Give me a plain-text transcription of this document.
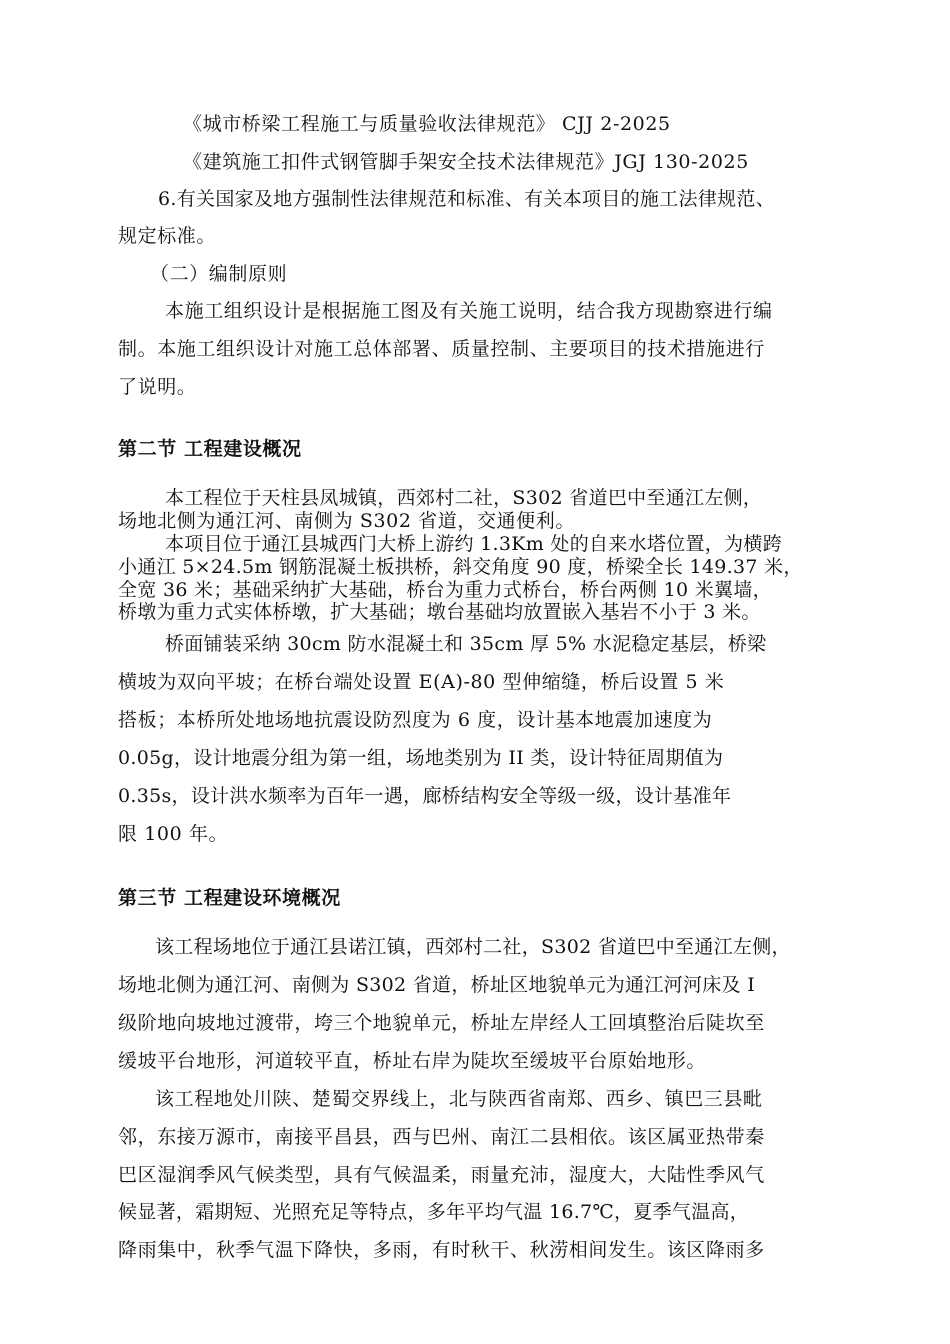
《城市桥梁工程施工与质量验收法律规范》 CJJ 2-2025

《建筑施工扣件式钢管脚手架安全技术法律规范》JGJ 130-2025

6.有关国家及地方强制性法律规范和标准、有关本项目的施工法律规范、

规定标准。

（二）编制原则

本施工组织设计是根据施工图及有关施工说明，结合我方现勘察进行编

制。本施工组织设计对施工总体部署、质量控制、主要项目的技术措施进行

了说明。

第二节 工程建设概况

本工程位于天柱县凤城镇，西郊村二社，S302 省道巴中至通江左侧，

场地北侧为通江河、南侧为 S302 省道，交通便利。

本项目位于通江县城西门大桥上游约 1.3Km 处的自来水塔位置，为横跨

小通江 5×24.5m 钢筋混凝土板拱桥，斜交角度 90 度，桥梁全长 149.37 米，

全宽 36 米；基础采纳扩大基础，桥台为重力式桥台，桥台两侧 10 米翼墙，

桥墩为重力式实体桥墩，扩大基础；墩台基础均放置嵌入基岩不小于 3 米。

桥面铺装采纳 30cm 防水混凝土和 35cm 厚 5% 水泥稳定基层，桥梁

横坡为双向平坡；在桥台端处设置 E(A)-80 型伸缩缝，桥后设置 5 米

搭板；本桥所处地场地抗震设防烈度为 6 度，设计基本地震加速度为

0.05g，设计地震分组为第一组，场地类别为 II 类，设计特征周期值为

0.35s，设计洪水频率为百年一遇，廊桥结构安全等级一级，设计基准年

限 100 年。

第三节 工程建设环境概况

该工程场地位于通江县诺江镇，西郊村二社，S302 省道巴中至通江左侧，

场地北侧为通江河、南侧为 S302 省道，桥址区地貌单元为通江河河床及 I

级阶地向坡地过渡带，垮三个地貌单元，桥址左岸经人工回填整治后陡坎至

缓坡平台地形，河道较平直，桥址右岸为陡坎至缓坡平台原始地形。

该工程地处川陕、楚蜀交界线上，北与陕西省南郑、西乡、镇巴三县毗

邻，东接万源市，南接平昌县，西与巴州、南江二县相依。该区属亚热带秦

巴区湿润季风气候类型，具有气候温柔，雨量充沛，湿度大，大陆性季风气

候显著，霜期短、光照充足等特点，多年平均气温 16.7℃，夏季气温高，

降雨集中，秋季气温下降快，多雨，有时秋干、秋涝相间发生。该区降雨多
